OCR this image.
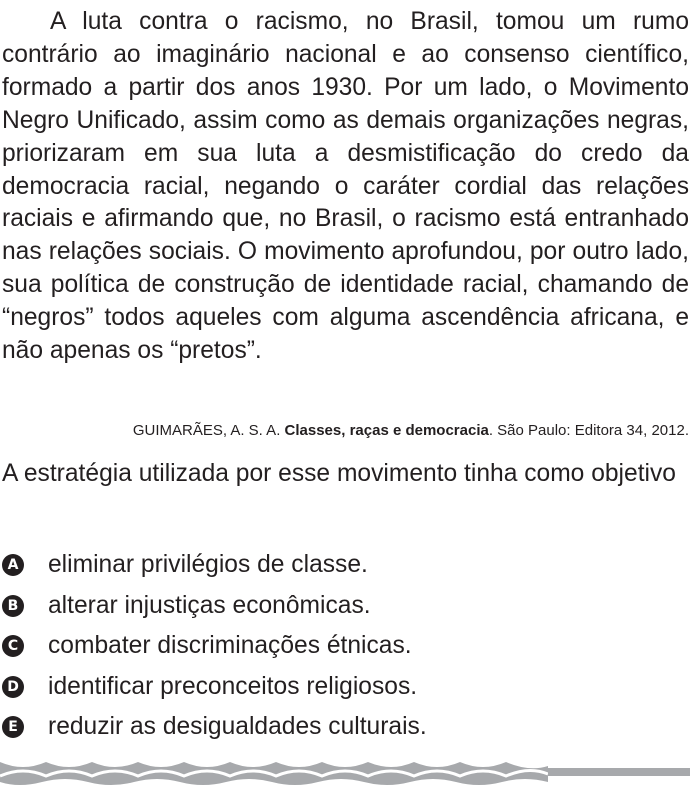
A luta contra o racismo, no Brasil, tomou um rumo contrário ao imaginário nacional e ao consenso científico, formado a partir dos anos 1930. Por um lado, o Movimento Negro Unificado, assim como as demais organizações negras, priorizaram em sua luta a desmistificação do credo da democracia racial, negando o caráter cordial das relações raciais e afirmando que, no Brasil, o racismo está entranhado nas relações sociais. O movimento aprofundou, por outro lado, sua política de construção de identidade racial, chamando de “negros” todos aqueles com alguma ascendência africana, e não apenas os “pretos”.

GUIMARÃES, A. S. A. Classes, raças e democracia. São Paulo: Editora 34, 2012.

A estratégia utilizada por esse movimento tinha como objetivo

A eliminar privilégios de classe.
B alterar injustiças econômicas.
C combater discriminações étnicas.
D identificar preconceitos religiosos.
E reduzir as desigualdades culturais.
